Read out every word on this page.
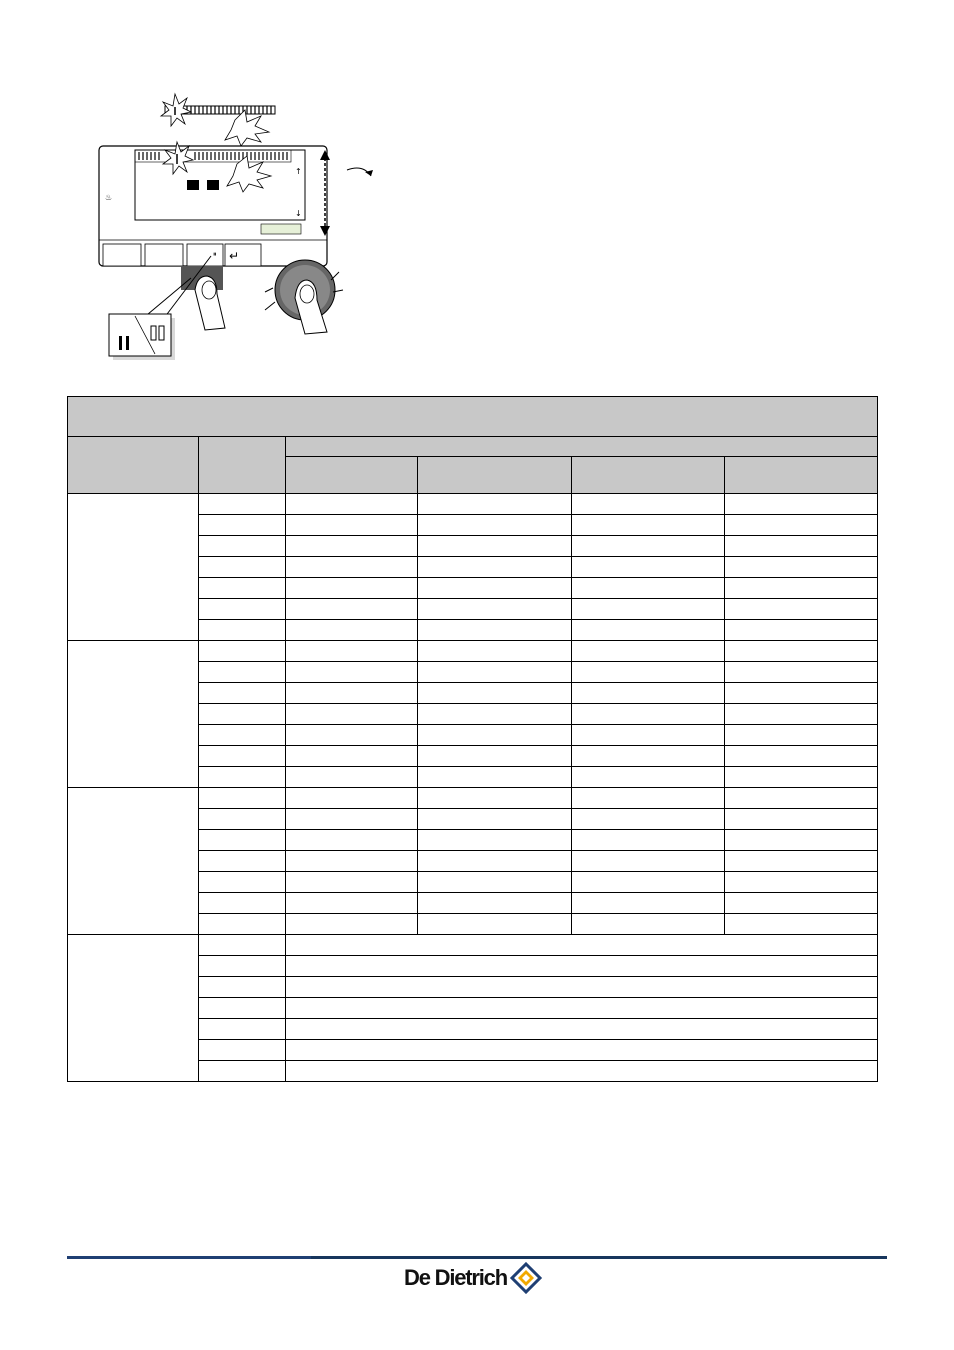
↑
↓
♨
⏸ ↵

De Dietrich
